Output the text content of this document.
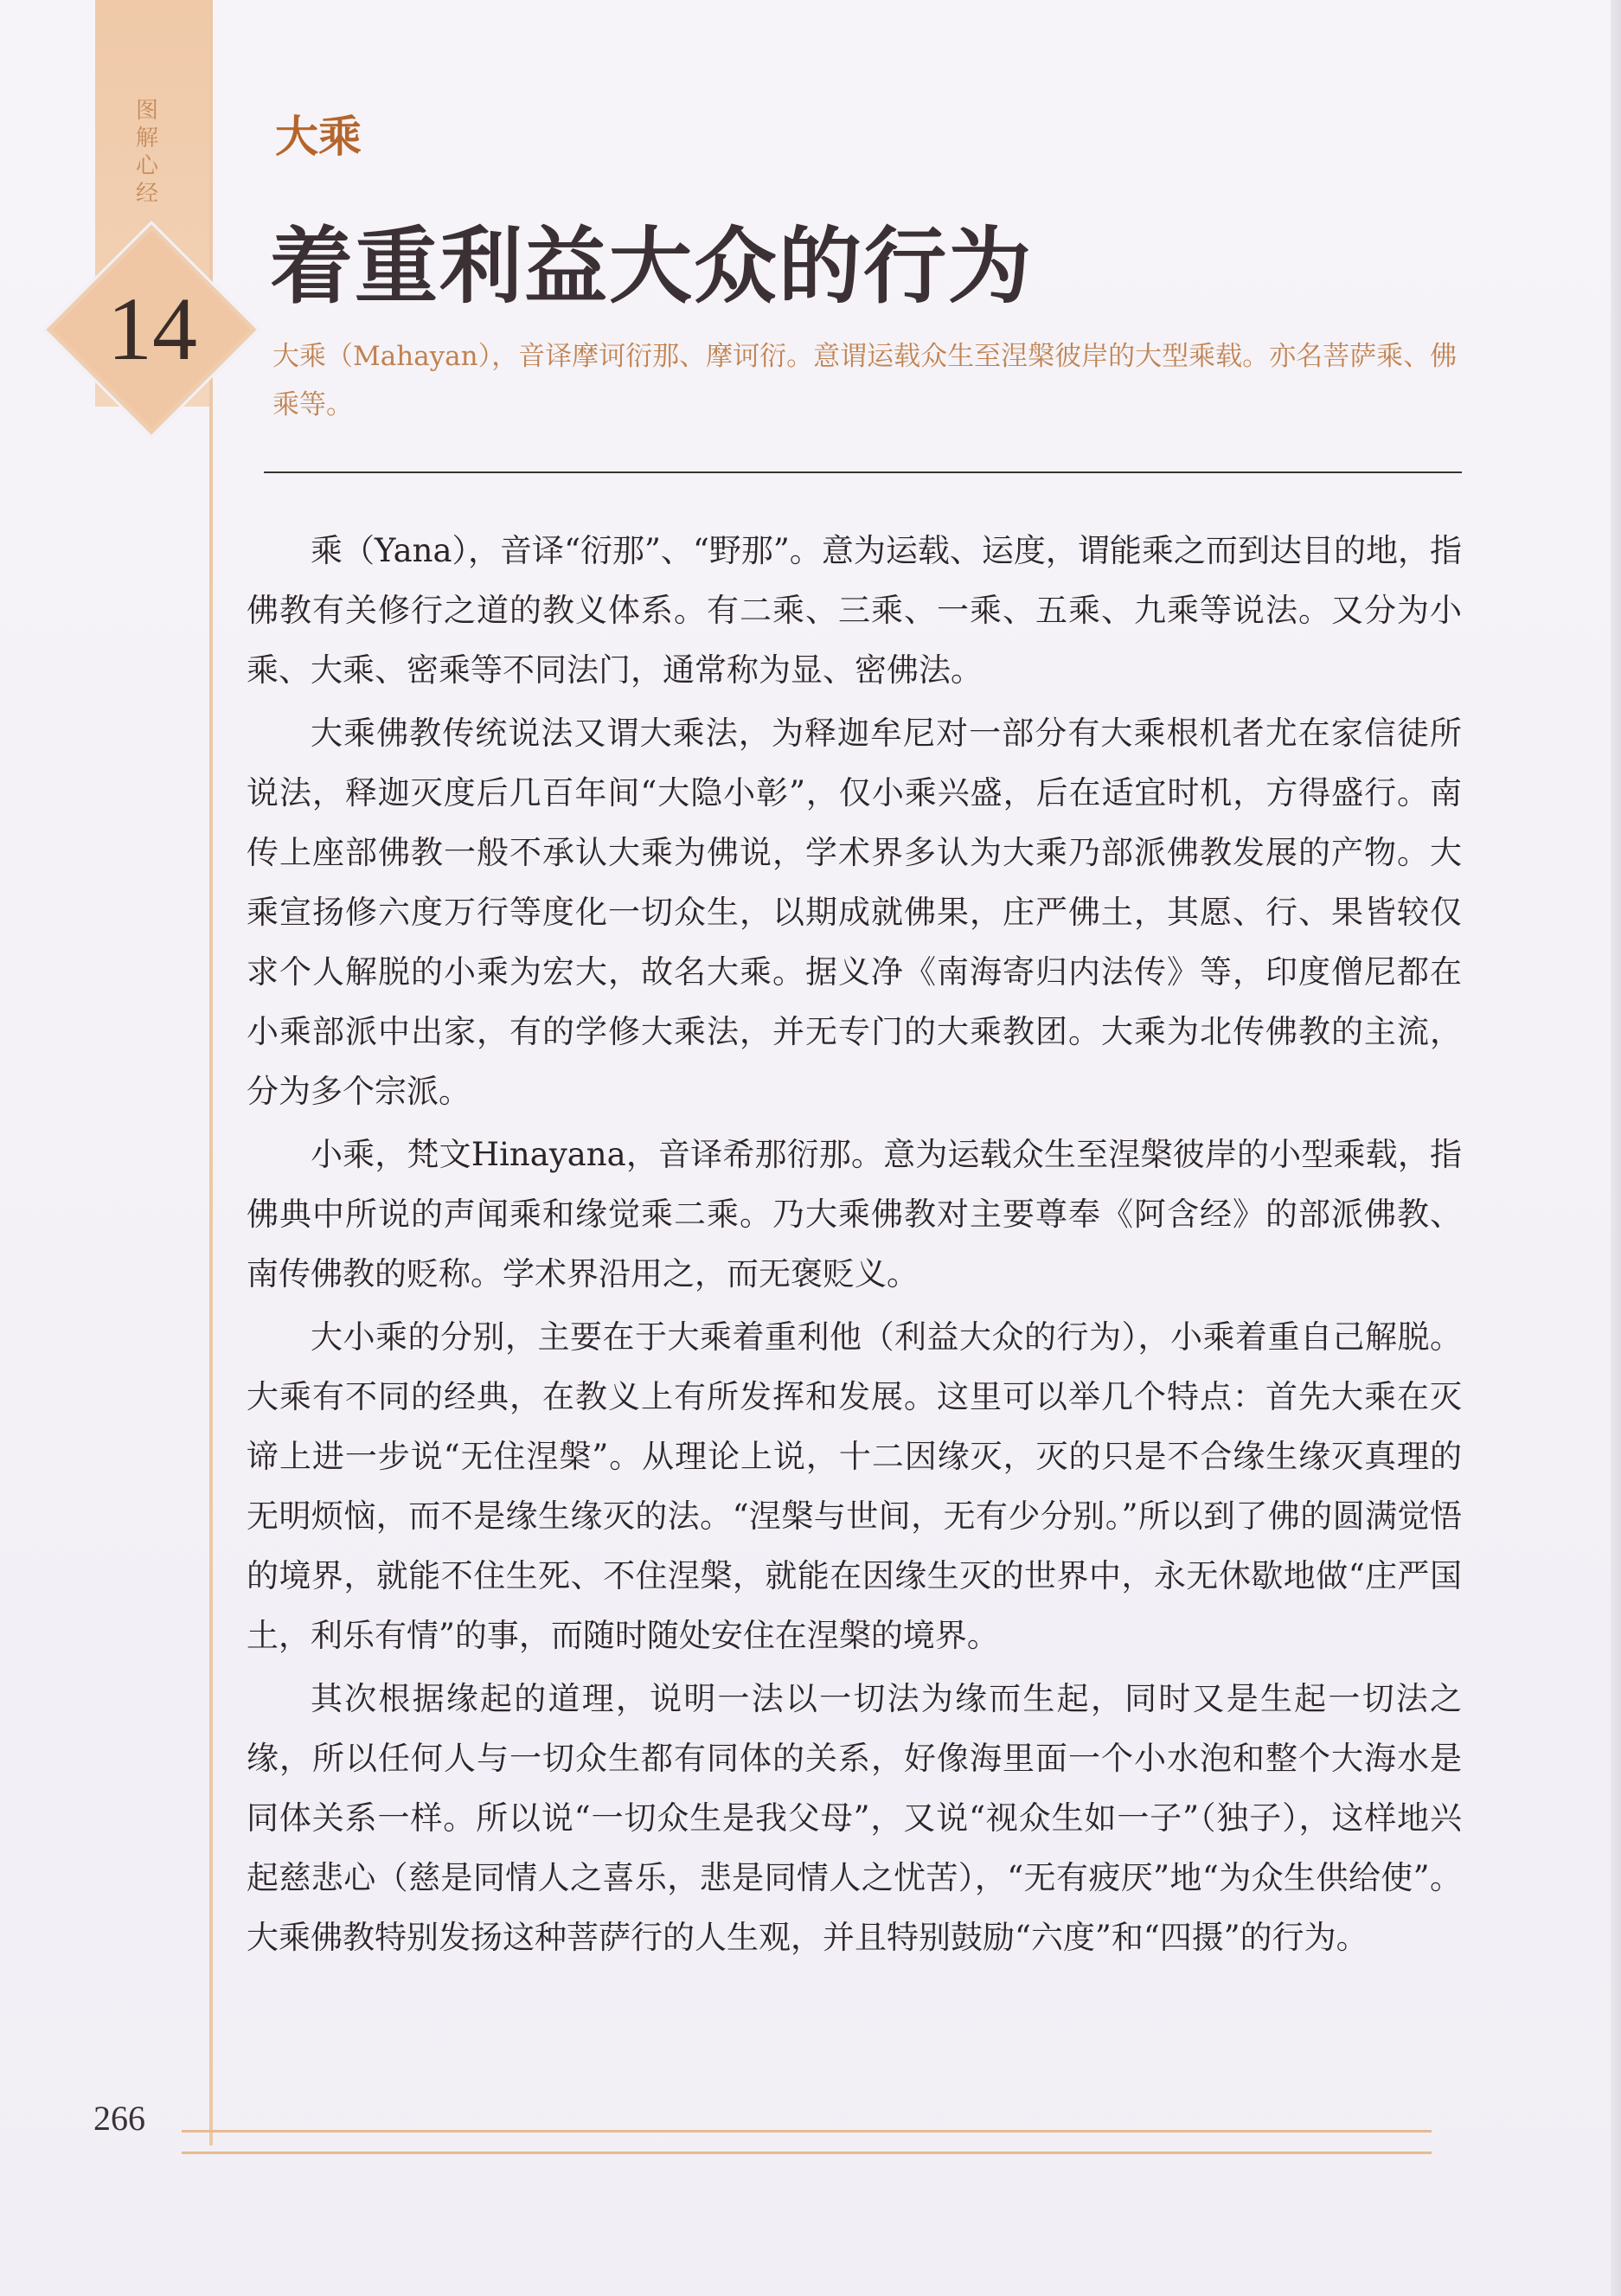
图
解
心
经
14
大乘
着重利益大众的行为
大乘（Mahayan），音译摩诃衍那、摩诃衍。意谓运载众生至涅槃彼岸的大型乘载。亦名菩萨乘、佛乘等。

乘（Yana），音译“衍那”、“野那”。意为运载、运度，谓能乘之而到达目的地，指佛教有关修行之道的教义体系。有二乘、三乘、一乘、五乘、九乘等说法。又分为小乘、大乘、密乘等不同法门，通常称为显、密佛法。

大乘佛教传统说法又谓大乘法，为释迦牟尼对一部分有大乘根机者尤在家信徒所说法，释迦灭度后几百年间“大隐小彰”，仅小乘兴盛，后在适宜时机，方得盛行。南传上座部佛教一般不承认大乘为佛说，学术界多认为大乘乃部派佛教发展的产物。大乘宣扬修六度万行等度化一切众生，以期成就佛果，庄严佛土，其愿、行、果皆较仅求个人解脱的小乘为宏大，故名大乘。据义净《南海寄归内法传》等，印度僧尼都在小乘部派中出家，有的学修大乘法，并无专门的大乘教团。大乘为北传佛教的主流，分为多个宗派。

小乘，梵文Hinayana，音译希那衍那。意为运载众生至涅槃彼岸的小型乘载，指佛典中所说的声闻乘和缘觉乘二乘。乃大乘佛教对主要尊奉《阿含经》的部派佛教、南传佛教的贬称。学术界沿用之，而无褒贬义。

大小乘的分别，主要在于大乘着重利他（利益大众的行为），小乘着重自己解脱。大乘有不同的经典，在教义上有所发挥和发展。这里可以举几个特点：首先大乘在灭谛上进一步说“无住涅槃”。从理论上说，十二因缘灭，灭的只是不合缘生缘灭真理的无明烦恼，而不是缘生缘灭的法。“涅槃与世间，无有少分别。”所以到了佛的圆满觉悟的境界，就能不住生死、不住涅槃，就能在因缘生灭的世界中，永无休歇地做“庄严国土，利乐有情”的事，而随时随处安住在涅槃的境界。

其次根据缘起的道理，说明一法以一切法为缘而生起，同时又是生起一切法之缘，所以任何人与一切众生都有同体的关系，好像海里面一个小水泡和整个大海水是同体关系一样。所以说“一切众生是我父母”，又说“视众生如一子”（独子），这样地兴起慈悲心（慈是同情人之喜乐，悲是同情人之忧苦），“无有疲厌”地“为众生供给使”。大乘佛教特别发扬这种菩萨行的人生观，并且特别鼓励“六度”和“四摄”的行为。

266
